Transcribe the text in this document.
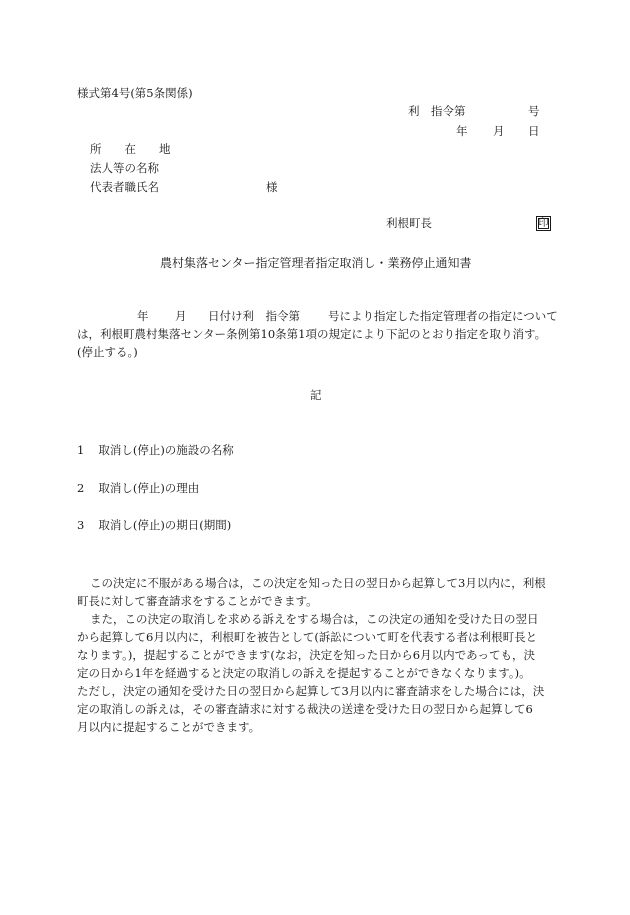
様式第4号(第5条関係)
利　指令第	号
年 月 日
所　　在　　地
法人等の名称
代表者職氏名	様
利根町長	印
農村集落センター指定管理者指定取消し・業務停止通知書
年 月 日付け利　指令第 号により指定した指定管理者の指定について
は，利根町農村集落センター条例第10条第1項の規定により下記のとおり指定を取り消す。
(停止する。)
記
1 取消し(停止)の施設の名称
2 取消し(停止)の理由
3 取消し(停止)の期日(期間)
この決定に不服がある場合は，この決定を知った日の翌日から起算して3月以内に，利根
町長に対して審査請求をすることができます。
また，この決定の取消しを求める訴えをする場合は，この決定の通知を受けた日の翌日
から起算して6月以内に，利根町を被告として(訴訟について町を代表する者は利根町長と
なります。)，提起することができます(なお，決定を知った日から6月以内であっても，決
定の日から1年を経過すると決定の取消しの訴えを提起することができなくなります。)。
ただし，決定の通知を受けた日の翌日から起算して3月以内に審査請求をした場合には，決
定の取消しの訴えは，その審査請求に対する裁決の送達を受けた日の翌日から起算して6
月以内に提起することができます。
